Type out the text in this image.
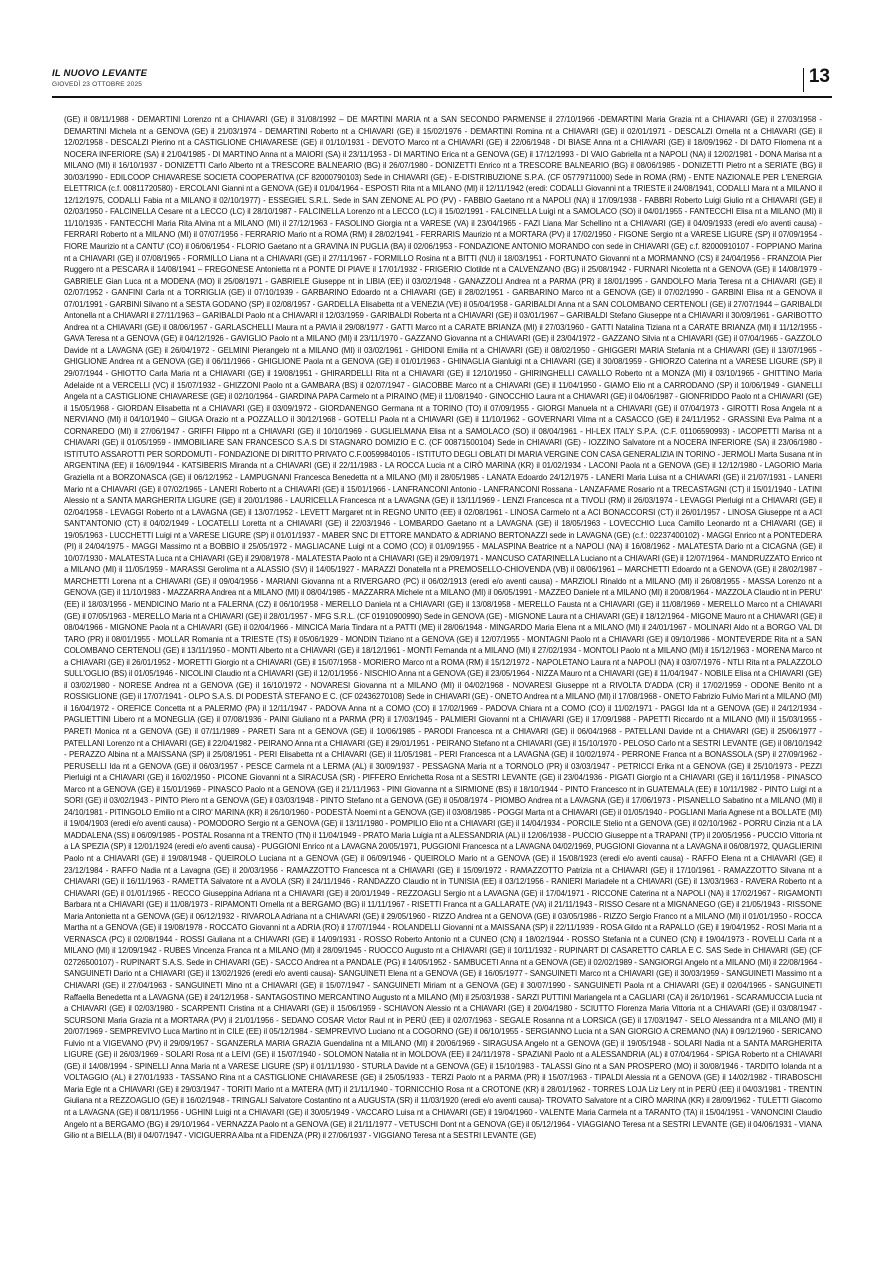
IL NUOVO LEVANTE
GIOVEDÌ 23 OTTOBRE 2025	13
(GE) il 08/11/1988 - DEMARTINI Lorenzo nt a CHIAVARI (GE) il 31/08/1992 – DE MARTINI MARIA nt a SAN SECONDO PARMENSE il 27/10/1966 -DEMARTINI Maria Grazia nt a CHIAVARI (GE) il 27/03/1958 - DEMARTINI Michela nt a GENOVA (GE) il 21/03/1974 - DEMARTINI Roberto nt a CHIAVARI (GE) il 15/02/1976 - DEMARTINI Romina nt a CHIAVARI (GE) il 02/01/1971 - DESCALZI Ornella nt a CHIAVARI (GE) il 12/02/1958 - DESCALZI Pierino nt a CASTIGLIONE CHIAVARESE (GE) il 01/10/1931 - DEVOTO Marco nt a CHIAVARI (GE) il 22/06/1948 - DI BIASE Anna nt a CHIAVARI (GE) il 18/09/1962 - DI DATO Filomena nt a NOCERA INFERIORE (SA) il 21/04/1985 - DI MARTINO Anna nt a MAIORI (SA) il 23/11/1953 - DI MARTINO Erica nt a GENOVA (GE) il 17/12/1993 - DI VAIO Gabriella nt a NAPOLI (NA) il 12/02/1981 - DONA Marisa nt a MILANO (MI) il 16/10/1937 - DONIZETTI Carlo Alberto nt a TRESCORE BALNEARIO (BG) il 26/07/1980 - DONIZETTI Enrico nt a TRESCORE BALNEARIO (BG) il 08/06/1985 - DONIZETTI Pietro nt a SERIATE (BG) il 30/03/1990 - EDILCOOP CHIAVARESE SOCIETA COOPERATIVA (CF 82000790103) Sede in CHIAVARI (GE) - E-DISTRIBUZIONE S.P.A. (CF 05779711000) Sede in ROMA (RM) - ENTE NAZIONALE PER L'ENERGIA ELETTRICA (c.f. 00811720580) - ERCOLANI Gianni nt a GENOVA (GE) il 01/04/1964 - ESPOSTI Rita nt a MILANO (MI) il 12/11/1942 (eredi: CODALLI Giovanni nt a TRIESTE il 24/08/1941, CODALLI Mara nt a MILANO il 12/12/1975, CODALLI Fabia nt a MILANO il 02/10/1977) - ESSEGIEL S.R.L. Sede in SAN ZENONE AL PO (PV) - FABBIO Gaetano nt a NAPOLI (NA) il 17/09/1938 - FABBRI Roberto Luigi Giulio nt a CHIAVARI (GE) il 02/03/1950 - FALCINELLA Cesare nt a LECCO (LC) il 28/10/1987 - FALCINELLA Lorenzo nt a LECCO (LC) il 15/02/1991 - FALCINELLA Luigi nt a SAMOLACO (SO) il 04/01/1955 - FANTECCHI Elisa nt a MILANO (MI) il 11/10/1935 - FANTECCHI Maria Rita Alvina nt a MILANO (MI) il 27/12/1963 - FASOLINO Giorgia nt a VARESE (VA) il 23/04/1965 - FAZI Liana Mar Schellino nt a CHIAVARI (GE) il 04/09/1933 (eredi e/o aventi causa) - FERRARI Roberto nt a MILANO (MI) il 07/07/1956 - FERRARIO Mario nt a ROMA (RM) il 28/02/1941 - FERRARIS Maurizio nt a MORTARA (PV) il 17/02/1950 - FIGONE Sergio nt a VARESE LIGURE (SP) il 07/09/1954 - FIORE Maurizio nt a CANTU' (CO) il 06/06/1954 - FLORIO Gaetano nt a GRAVINA IN PUGLIA (BA) il 02/06/1953 - FONDAZIONE ANTONIO MORANDO con sede in CHIAVARI (GE) c.f. 82000910107 - FOPPIANO Marina nt a CHIAVARI (GE) il 07/08/1965 - FORMILLO Liana nt a CHIAVARI (GE) il 27/11/1967 - FORMILLO Rosina nt a BITTI (NU) il 18/03/1951 - FORTUNATO Giovanni nt a MORMANNO (CS) il 24/04/1956 - FRANZOIA Pier Ruggero nt a PESCARA il 14/08/1941 – FREGONESE Antonietta nt a PONTE DI PIAVE il 17/01/1932 - FRIGERIO Clotilde nt a CALVENZANO (BG) il 25/08/1942 - FURNARI Nicoletta nt a GENOVA (GE) il 14/08/1979 - GABRIELE Gian Luca nt a MODENA (MO) il 25/08/1971 - GABRIELE Giuseppe nt in LIBIA (EE) il 03/02/1948 - GANAZZOLI Andrea nt a PARMA (PR) il 18/01/1995 - GANDOLFO Maria Teresa nt a CHIAVARI (GE) il 02/07/1952 - GANFINI Carla nt a TORRIGLIA (GE) il 07/10/1939 - GARBARINO Edoardo nt a CHIAVARI (GE) il 28/02/1951 - GARBARINO Marco nt a GENOVA (GE) il 07/02/1990 - GARBINI Elisa nt a GENOVA il 07/01/1991 - GARBINI Silvano nt a SESTA GODANO (SP) il 02/08/1957 - GARDELLA Elisabetta nt a VENEZIA (VE) il 05/04/1958 - GARIBALDI Anna nt a SAN COLOMBANO CERTENOLI (GE) il 27/07/1944 – GARIBALDI Antonella nt a CHIAVARI il 27/11/1963 – GARIBALDI Paolo nt a CHIAVARI il 12/03/1959 - GARIBALDI Roberta nt a CHIAVARI (GE) il 03/01/1967 – GARIBALDI Stefano Giuseppe nt a CHIAVARI il 30/09/1961 - GARIBOTTO Andrea nt a CHIAVARI (GE) il 08/06/1957 - GARLASCHELLI Maura nt a PAVIA il 29/08/1977 - GATTI Marco nt a CARATE BRIANZA (MI) il 27/03/1960 - GATTI Natalina Tiziana nt a CARATE BRIANZA (MI) il 11/12/1955 - GAVA Teresa nt a GENOVA (GE) il 04/12/1926 - GAVIGLIO Paolo nt a MILANO (MI) il 23/11/1970 - GAZZANO Giovanna nt a CHIAVARI (GE) il 23/04/1972 - GAZZANO Silvia nt a CHIAVARI (GE) il 07/04/1965 - GAZZOLO Davide nt a LAVAGNA (GE) il 26/04/1972 - GELMINI Pierangelo nt a MILANO (MI) il 03/02/1961 - GHIDONI Emilia nt a CHIAVARI (GE) il 08/02/1950 - GHIGGERI MARIA Stefania nt a CHIAVARI (GE) il 13/07/1965 - GHIGLIONE Andrea nt a GENOVA (GE) il 06/11/1966 - GHIGLIONE Paola nt a GENOVA (GE) il 01/01/1963 - GHINAGLIA Gianluigi nt a CHIAVARI (GE) il 30/08/1959 - GHIORZO Caterina nt a VARESE LIGURE (SP) il 29/07/1944 - GHIOTTO Carla Maria nt a CHIAVARI (GE) il 19/08/1951 - GHIRARDELLI Rita nt a CHIAVARI (GE) il 12/10/1950 - GHIRINGHELLI CAVALLO Roberto nt a MONZA (MI) il 03/10/1965 - GHITTINO Maria Adelaide nt a VERCELLI (VC) il 15/07/1932 - GHIZZONI Paolo nt a GAMBARA (BS) il 02/07/1947 - GIACOBBE Marco nt a CHIAVARI (GE) il 11/04/1950 - GIAMO Elio nt a CARRODANO (SP) il 10/06/1949 - GIANELLI Angela nt a CASTIGLIONE CHIAVARESE (GE) il 02/10/1964 - GIARDINA PAPA Carmelo nt a PIRAINO (ME) il 11/08/1940 - GINOCCHIO Laura nt a CHIAVARI (GE) il 04/06/1987 - GIONFRIDDO Paolo nt a CHIAVARI (GE) il 15/05/1968 - GIORDAN Elisabetta nt a CHIAVARI (GE) il 03/09/1972 - GIORDANENGO Germana nt a TORINO (TO) il 07/09/1955 - GIORGI Manuela nt a CHIAVARI (GE) il 07/04/1973 - GIROTTI Rosa Angela nt a NERVIANO (MI) il 04/10/1940 – GIUGA Orazio nt a POZZALLO il 30/12/1968 - GOTELLI Paola nt a CHIAVARI (GE) il 11/10/1962 - GOVERNARI Vilma nt a CASACCO (GE) il 24/11/1952 - GRASSINI Eva Palma nt a CORNAREDO (MI) il 27/06/1947 - GRIFFI Filippo nt a CHIAVARI (GE) il 10/10/1969 - GUGLIELMANA Elisa nt a SAMOLACO (SO) il 08/04/1961 - HI-LEX ITALY S.P.A. (C.F. 01106590993) - IACOPETTI Marisa nt a CHIAVARI (GE) il 01/05/1959 - IMMOBILIARE SAN FRANCESCO S.A.S DI STAGNARO DOMIZIO E C. (CF 00871500104) Sede in CHIAVARI (GE) - IOZZINO Salvatore nt a NOCERA INFERIORE (SA) il 23/06/1980 - ISTITUTO ASSAROTTI PER SORDOMUTI - FONDAZIONE DI DIRITTO PRIVATO C.F.00599840105 - ISTITUTO DEGLI OBLATI DI MARIA VERGINE CON CASA GENERALIZIA IN TORINO - JERMOLI Marta Susana nt in ARGENTINA (EE) il 16/09/1944 - KATSIBERIS Miranda nt a CHIAVARI (GE) il 22/11/1983 - LA ROCCA Lucia nt a CIRÒ MARINA (KR) il 01/02/1934 - LACONI Paola nt a GENOVA (GE) il 12/12/1980 - LAGORIO Maria Graziella nt a BORZONASCA (GE) il 06/12/1952 - LAMPUGNANI Francesca Benedetta nt a MILANO (MI) il 28/05/1985 - LANATA Edoardo 24/12/1975 - LANERI Maria Luisa nt a CHIAVARI (GE) il 21/07/1931 - LANERI Mario nt a CHIAVARI (GE) il 07/02/1965 - LANERI Roberto nt a CHIAVARI (GE) il 15/01/1966 - LANFRANCONI Antonio - LANFRANCONI Rossana - LANZAFAME Rosario nt a TRECASTAGNI (CT) il 15/01/1940 - LATINI Alessio nt a SANTA MARGHERITA LIGURE (GE) il 20/01/1986 - LAURICELLA Francesca nt a LAVAGNA (GE) il 13/11/1969 - LENZI Francesca nt a TIVOLI (RM) il 26/03/1974 - LEVAGGI Pierluigi nt a CHIAVARI (GE) il 02/04/1958 - LEVAGGI Roberto nt a LAVAGNA (GE) il 13/07/1952 - LEVETT Margaret nt in REGNO UNITO (EE) il 02/08/1961 - LINOSA Carmelo nt a ACI BONACCORSI (CT) il 26/01/1957 - LINOSA Giuseppe nt a ACI SANT'ANTONIO (CT) il 04/02/1949 - LOCATELLI Loretta nt a CHIAVARI (GE) il 22/03/1946 - LOMBARDO Gaetano nt a LAVAGNA (GE) il 18/05/1963 - LOVECCHIO Luca Camillo Leonardo nt a CHIAVARI (GE) il 19/05/1963 - LUCCHETTI Luigi nt a VARESE LIGURE (SP) il 01/01/1937 - MABER SNC DI ETTORE MANDATO & ADRIANO BERTONAZZI sede in LAVAGNA (GE) (c.f.: 02237400102) - MAGGI Enrico nt a PONTEDERA (PI) il 24/04/1975 - MAGGI Massimo nt a BOBBIO il 25/05/1972 - MAGLIACANE Luigi nt a COMO (CO) il 01/09/1955 - MALASPINA Beatrice nt a NAPOLI (NA) il 16/08/1962 - MALATESTA Dario nt a CICAGNA (GE) il 10/07/1930 - MALATESTA Luca nt a CHIAVARI (GE) il 29/08/1978 - MALATESTA Paolo nt a CHIAVARI (GE) il 29/09/1971 - MANCUSO CATARINELLA Luciano nt a CHIAVARI (GE) il 12/07/1964 - MANDRUZZATO Enrico nt a MILANO (MI) il 11/05/1959 - MARASSI Gerolima nt a ALASSIO (SV) il 14/05/1927 - MARAZZI Donatella nt a PREMOSELLO-CHIOVENDA (VB) il 08/06/1961 – MARCHETTI Edoardo nt a GENOVA (GE) il 28/02/1987 - MARCHETTI Lorena nt a CHIAVARI (GE) il 09/04/1956 - MARIANI Giovanna nt a RIVERGARO (PC) il 06/02/1913 (eredi e/o aventi causa) - MARZIOLI Rinaldo nt a MILANO (MI) il 26/08/1955 - MASSA Lorenzo nt a GENOVA (GE) il 11/10/1983 - MAZZARRA Andrea nt a MILANO (MI) il 08/04/1985 - MAZZARRA Michele nt a MILANO (MI) il 06/05/1991 - MAZZEO Daniele nt a MILANO (MI) il 20/08/1964 - MAZZOLA Claudio nt in PERU' (EE) il 18/03/1956 - MENDICINO Mario nt a FALERNA (CZ) il 06/10/1958 - MERELLO Daniela nt a CHIAVARI (GE) il 13/08/1958 - MERELLO Fausta nt a CHIAVARI (GE) il 11/08/1969 - MERELLO Marco nt a CHIAVARI (GE) il 07/05/1963 - MERELLO Maria nt a CHIAVARI (GE) il 28/01/1957 - MFG S.R.L. (CF 01910900990) Sede in GENOVA (GE) - MIGNONE Laura nt a CHIAVARI (GE) il 18/12/1964 - MIGONE Mauro nt a CHIAVARI (GE) il 08/04/1966 - MIGNONE Paola nt a CHIAVARI (GE) il 02/04/1966 - MINCICA Maria Tindara nt a PATTI (ME) il 28/06/1948 - MINGARDO Maria Elena nt a MILANO (MI) il 24/01/1967 - MOLINARI Aldo nt a BORGO VAL DI TARO (PR) il 08/01/1955 - MOLLAR Romania nt a TRIESTE (TS) il 05/06/1929 - MONDIN Tiziano nt a GENOVA (GE) il 12/07/1955 - MONTAGNI Paolo nt a CHIAVARI (GE) il 09/10/1986 - MONTEVERDE Rita nt a SAN COLOMBANO CERTENOLI (GE) il 13/11/1950 - MONTI Alberto nt a CHIAVARI (GE) il 18/12/1961 - MONTI Fernanda nt a MILANO (MI) il 27/02/1934 - MONTOLI Paolo nt a MILANO (MI) il 15/12/1963 - MORENA Marco nt a CHIAVARI (GE) il 26/01/1952 - MORETTI Giorgio nt a CHIAVARI (GE) il 15/07/1958 - MORIERO Marco nt a ROMA (RM) il 15/12/1972 - NAPOLETANO Laura nt a NAPOLI (NA) il 03/07/1976 - NTLI Rita nt a PALAZZOLO SULL'OGLIO (BS) il 01/05/1946 - NICOLINI Claudio nt a CHIAVARI (GE) il 12/01/1956 - NISCHIO Anna nt a GENOVA (GE) il 23/05/1964 - NIZZA Mauro nt a CHIAVARI (GE) il 11/04/1947 - NOBILE Elisa nt a CHIAVARI (GE) il 03/02/1980 - NORESE Andrea nt a GENOVA (GE) il 16/10/1972 - NOVARESI Giovanna nt a MILANO (MI) il 04/02/1968 - NOVARESI Giuseppe nt a RIVOLTA D'ADDA (CR) il 17/02/1959 - ODONE Benito nt a ROSSIGLIONE (GE) il 17/07/1941 - OLPO S.A.S. DI PODESTÀ STEFANO E C. (CF 02436270108) Sede in CHIAVARI (GE) - ONETO Andrea nt a MILANO (MI) il 17/08/1968 - ONETO Fabrizio Fulvio Mari nt a MILANO (MI) il 16/04/1972 - OREFICE Concetta nt a PALERMO (PA) il 12/11/1947 - PADOVA Anna nt a COMO (CO) il 17/02/1969 - PADOVA Chiara nt a COMO (CO) il 11/02/1971 - PAGGI Ida nt a GENOVA (GE) il 24/12/1934 - PAGLIETTINI Libero nt a MONEGLIA (GE) il 07/08/1936 - PAINI Giuliano nt a PARMA (PR) il 17/03/1945 - PALMIERI Giovanni nt a CHIAVARI (GE) il 17/09/1988 - PAPETTI Riccardo nt a MILANO (MI) il 15/03/1955 - PARETI Monica nt a GENOVA (GE) il 07/11/1989 - PARETI Sara nt a GENOVA (GE) il 10/06/1985 - PARODI Francesca nt a CHIAVARI (GE) il 06/04/1968 - PATELLANI Davide nt a CHIAVARI (GE) il 25/06/1977 - PATELLANI Lorenzo nt a CHIAVARI (GE) il 22/04/1982 - PEIRANO Anna nt a CHIAVARI (GE) il 29/01/1951 - PEIRANO Stefano nt a CHIAVARI (GE) il 15/10/1970 - PELOSO Carlo nt a SESTRI LEVANTE (GE) il 08/10/1942 - PERAZZO Albina nt a MAISSANA (SP) il 25/08/1951 - PERI Elisabetta nt a CHIAVARI (GE) il 11/05/1981 - PERI Francesca nt a LAVAGNA (GE) il 10/02/1974 - PERRONE Franca nt a BONASSOLA (SP) il 27/09/1962 - PERUSELLI Ida nt a GENOVA (GE) il 06/03/1957 - PESCE Carmela nt a LERMA (AL) il 30/09/1937 - PESSAGNA Maria nt a TORNOLO (PR) il 03/03/1947 - PETRICCI Erika nt a GENOVA (GE) il 25/10/1973 - PEZZI Pierluigi nt a CHIAVARI (GE) il 16/02/1950 - PICONE Giovanni nt a SIRACUSA (SR) - PIFFERO Enrichetta Rosa nt a SESTRI LEVANTE (GE) il 23/04/1936 - PIGATI Giorgio nt a CHIAVARI (GE) il 16/11/1958 - PINASCO Marco nt a GENOVA (GE) il 15/01/1969 - PINASCO Paolo nt a GENOVA (GE) il 21/11/1963 - PINI Giovanna nt a SIRMIONE (BS) il 18/10/1944 - PINTO Francesco nt in GUATEMALA (EE) il 10/11/1982 - PINTO Luigi nt a SORI (GE) il 03/02/1943 - PINTO Piero nt a GENOVA (GE) il 03/03/1948 - PINTO Stefano nt a GENOVA (GE) il 05/08/1974 - PIOMBO Andrea nt a LAVAGNA (GE) il 17/06/1973 - PISANELLO Sabatino nt a MILANO (MI) il 24/10/1981 - PITINGOLO Emilio nt a CIRO' MARINA (KR) il 26/10/1960 - PODESTÀ Noemi nt a GENOVA (GE) il 03/08/1985 - POGGI Marta nt a CHIAVARI (GE) il 01/05/1940 - POGLIANI Maria Agnese nt a BOLLATE (MI) il 19/04/1903 (eredi e/o aventi causa) - POMODORO Sergio nt a GENOVA (GE) il 13/11/1980 - POMPILIO Elio nt a CHIAVARI (GE) il 14/04/1934 - PORCILE Stelio nt a GENOVA (GE) il 02/10/1962 - PORRU Cinzia nt a LA MADDALENA (SS) il 06/09/1985 - POSTAL Rosanna nt a TRENTO (TN) il 11/04/1949 - PRATO Maria Luigia nt a ALESSANDRIA (AL) il 12/06/1938 - PUCCIO Giuseppe nt a TRAPANI (TP) il 20/05/1956 - PUCCIO Vittoria nt a LA SPEZIA (SP) il 12/01/1924 (eredi e/o aventi causa) - PUGGIONI Enrico nt a LAVAGNA 20/05/1971, PUGGIONI Francesca nt a LAVAGNA 04/02/1969, PUGGIONI Giovanna nt a LAVAGNA il 06/08/1972, QUAGLIERINI Paolo nt a CHIAVARI (GE) il 19/08/1948 - QUEIROLO Luciana nt a GENOVA (GE) il 06/09/1946 - QUEIROLO Mario nt a GENOVA (GE) il 15/08/1923 (eredi e/o aventi causa) - RAFFO Elena nt a CHIAVARI (GE) il 23/12/1984 - RAFFO Nadia nt a Lavagna (GE) il 20/03/1956 - RAMAZZOTTO Francesca nt a CHIAVARI (GE) il 15/09/1972 - RAMAZZOTTO Patrizia nt a CHIAVARI (GE) il 17/10/1961 - RAMAZZOTTO Silvana nt a CHIAVARI (GE) il 16/11/1963 - RAMETTA Salvatore nt a AVOLA (SR) il 24/11/1946 - RANDAZZO Claudio nt in TUNISIA (EE) il 03/12/1956 - RANIERI Mariadele nt a CHIAVARI (GE) il 13/03/1963 - RAVERA Roberto nt a CHIAVARI (GE) il 01/01/1965 - RECCO Giuseppina Adriana nt a CHIAVARI (GE) il 20/01/1949 - REZZOAGLI Sergio nt a LAVAGNA (GE) il 17/04/1971 - RICCONE Caterina nt a NAPOLI (NA) il 17/02/1967 - RIGAMONTI Barbara nt a CHIAVARI (GE) il 11/08/1973 - RIPAMONTI Ornella nt a BERGAMO (BG) il 11/11/1967 - RISETTI Franca nt a GALLARATE (VA) il 21/11/1943 - RISSO Cesare nt a MIGNANEGO (GE) il 21/05/1943 - RISSONE Maria Antonietta nt a GENOVA (GE) il 06/12/1932 - RIVAROLA Adriana nt a CHIAVARI (GE) il 29/05/1960 - RIZZO Andrea nt a GENOVA (GE) il 03/05/1986 - RIZZO Sergio Franco nt a MILANO (MI) il 01/01/1950 - ROCCA Martha nt a GENOVA (GE) il 19/08/1978 - ROCCATO Giovanni nt a ADRIA (RO) il 17/07/1944 - ROLANDELLI Giovanni nt a MAISSANA (SP) il 22/11/1939 - ROSA Gildo nt a RAPALLO (GE) il 19/04/1952 - ROSI Maria nt a VERNASCA (PC) il 02/08/1944 - ROSSI Giuliana nt a CHIAVARI (GE) il 14/09/1931 - ROSSO Roberto Antonio nt a CUNEO (CN) il 18/02/1944 - ROSSO Stefania nt a CUNEO (CN) il 19/04/1973 - ROVELLI Carla nt a MILANO (MI) il 12/09/1942 - RUBES Vincenza Franca nt a MILANO (MI) il 28/09/1945 - RUOCCO Augusto nt a CHIAVARI (GE) il 10/11/1932 - RUPINART DI CASARETTO CARLA E C. SAS Sede in CHIAVARI (GE) (CF 02726500107) - RUPINART S.A.S. Sede in CHIAVARI (GE) - SACCO Andrea nt a PANDALE (PG) il 14/05/1952 - SAMBUCETI Anna nt a GENOVA (GE) il 02/02/1989 - SANGIORGI Angelo nt a MILANO (MI) il 22/08/1964 - SANGUINETI Dario nt a CHIAVARI (GE) il 13/02/1926 (eredi e/o aventi causa)- SANGUINETI Elena nt a GENOVA (GE) il 16/05/1977 - SANGUINETI Marco nt a CHIAVARI (GE) il 30/03/1959 - SANGUINETI Massimo nt a CHIAVARI (GE) il 27/04/1963 - SANGUINETI Mino nt a CHIAVARI (GE) il 15/07/1947 - SANGUINETI Miriam nt a GENOVA (GE) il 30/07/1990 - SANGUINETI Paola nt a CHIAVARI (GE) il 02/04/1965 - SANGUINETI Raffaella Benedetta nt a LAVAGNA (GE) il 24/12/1958 - SANTAGOSTINO MERCANTINO Augusto nt a MILANO (MI) il 25/03/1938 - SARZI PUTTINI Mariangela nt a CAGLIARI (CA) il 26/10/1961 - SCARAMUCCIA Lucia nt a CHIAVARI (GE) il 02/03/1980 - SCARPENTI Cristina nt a CHIAVARI (GE) il 15/06/1959 - SCHIAVON Alessio nt a CHIAVARI (GE) il 20/04/1980 - SCIUTTO Florenza Maria Vittoria nt a CHIAVARI (GE) il 03/08/1947 - SCURSONI Maria Grazia nt a MORTARA (PV) il 21/01/1956 - SEDANO COSAR Victor Raul nt in PERÙ (EE) il 02/07/1963 - SEGALE Rosanna nt a LORSICA (GE) il 17/03/1947 - SELO Alessandra nt a MILANO (MI) il 20/07/1969 - SEMPREVIVO Luca Martino nt in CILE (EE) il 05/12/1984 - SEMPREVIVO Luciano nt a COGORNO (GE) il 06/10/1955 - SERGIANNO Lucia nt a SAN GIORGIO A CREMANO (NA) il 09/12/1960 - SERICANO Fulvio nt a VIGEVANO (PV) il 29/09/1957 - SGANZERLA MARIA GRAZIA Guendalina nt a MILANO (MI) il 20/06/1969 - SIRAGUSA Angelo nt a GENOVA (GE) il 19/05/1948 - SOLARI Nadia nt a SANTA MARGHERITA LIGURE (GE) il 26/03/1969 - SOLARI Rosa nt a LEIVI (GE) il 15/07/1940 - SOLOMON Natalia nt in MOLDOVA (EE) il 24/11/1978 - SPAZIANI Paolo nt a ALESSANDRIA (AL) il 07/04/1964 - SPIGA Roberto nt a CHIAVARI (GE) il 14/08/1994 - SPINELLI Anna Maria nt a VARESE LIGURE (SP) il 01/11/1930 - STURLA Davide nt a GENOVA (GE) il 15/10/1983 - TALASSI Gino nt a SAN PROSPERO (MO) il 30/08/1946 - TARDITO Iolanda nt a VOLTAGGIO (AL) il 27/01/1933 - TASSANO Rina nt a CASTIGLIONE CHIAVARESE (GE) il 25/05/1933 - TERZI Paolo nt a PARMA (PR) il 15/07/1963 - TIPALDI Alessia nt a GENOVA (GE) il 14/02/1982 - TIRABOSCHI Maria Egle nt a CHIAVARI (GE) il 29/03/1947 - TORITI Mario nt a MATERA (MT) il 21/11/1940 - TORNICCHIO Rosa nt a CROTONE (KR) il 28/01/1962 - TORRES LOJA Liz Lery nt in PERÙ (EE) il 04/03/1981 - TRENTIN Giuliana nt a REZZOAGLIO (GE) il 16/02/1948 - TRINGALI Salvatore Costantino nt a AUGUSTA (SR) il 11/03/1920 (eredi e/o aventi causa)- TROVATO Salvatore nt a CIRÒ MARINA (KR) il 28/09/1962 - TULETTI Giacomo nt a LAVAGNA (GE) il 08/11/1956 - UGHINI Luigi nt a CHIAVARI (GE) il 30/05/1949 - VACCARO Luisa nt a CHIAVARI (GE) il 19/04/1960 - VALENTE Maria Carmela nt a TARANTO (TA) il 15/04/1951 - VANONCINI Claudio Angelo nt a BERGAMO (BG) il 29/10/1964 - VERNAZZA Paolo nt a GENOVA (GE) il 21/11/1977 - VETUSCHI Dont nt a GENOVA (GE) il 05/12/1964 - VIAGGIANO Teresa nt a SESTRI LEVANTE (GE) il 04/06/1931 - VIANA Gilio nt a BIELLA (BI) il 04/07/1947 - VICIGUERRA Alba nt a FIDENZA (PR) il 27/06/1937 - VIGGIANO Teresa nt a SESTRI LEVANTE (GE)
